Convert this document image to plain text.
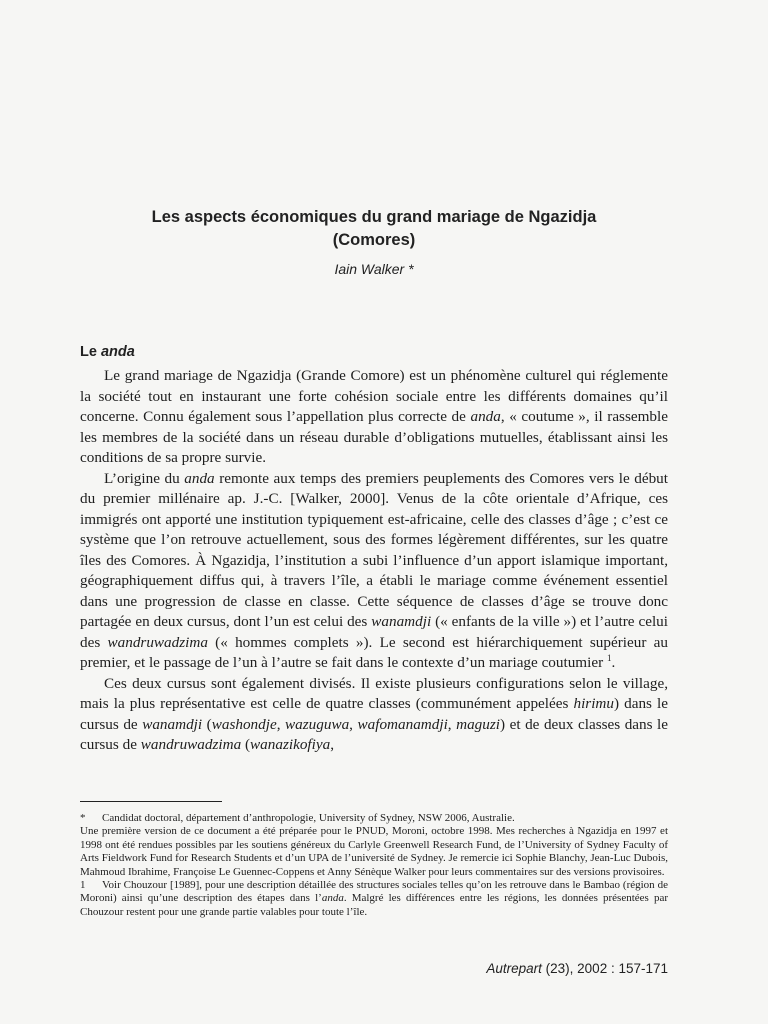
Les aspects économiques du grand mariage de Ngazidja
(Comores)
Iain Walker *
Le anda

Le grand mariage de Ngazidja (Grande Comore) est un phénomène culturel qui réglemente la société tout en instaurant une forte cohésion sociale entre les différents domaines qu’il concerne. Connu également sous l’appellation plus correcte de anda, « coutume », il rassemble les membres de la société dans un réseau durable d’obligations mutuelles, établissant ainsi les conditions de sa propre survie.

L’origine du anda remonte aux temps des premiers peuplements des Comores vers le début du premier millénaire ap. J.-C. [Walker, 2000]. Venus de la côte orientale d’Afrique, ces immigrés ont apporté une institution typiquement est-africaine, celle des classes d’âge ; c’est ce système que l’on retrouve actuellement, sous des formes légèrement différentes, sur les quatre îles des Comores. À Ngazidja, l’institution a subi l’influence d’un apport islamique important, géographiquement diffus qui, à travers l’île, a établi le mariage comme événement essentiel dans une progression de classe en classe. Cette séquence de classes d’âge se trouve donc partagée en deux cursus, dont l’un est celui des wanamdji (« enfants de la ville ») et l’autre celui des wandruwadzima (« hommes complets »). Le second est hiérarchiquement supérieur au premier, et le passage de l’un à l’autre se fait dans le contexte d’un mariage coutumier $^1$.

Ces deux cursus sont également divisés. Il existe plusieurs configurations selon le village, mais la plus représentative est celle de quatre classes (communément appelées hirimu) dans le cursus de wanamdji (washondje, wazuguwa, wafomanamdji, maguzi) et de deux classes dans le cursus de wandruwadzima (wanazikofiya,

* Candidat doctoral, département d’anthropologie, University of Sydney, NSW 2006, Australie.

Une première version de ce document a été préparée pour le PNUD, Moroni, octobre 1998. Mes recherches à Ngazidja en 1997 et 1998 ont été rendues possibles par les soutiens généreux du Carlyle Greenwell Research Fund, de l’University of Sydney Faculty of Arts Fieldwork Fund for Research Students et d’un UPA de l’université de Sydney. Je remercie ici Sophie Blanchy, Jean-Luc Dubois, Mahmoud Ibrahime, Françoise Le Guennec-Coppens et Anny Sénèque Walker pour leurs commentaires sur des versions provisoires.

1 Voir Chouzour [1989], pour une description détaillée des structures sociales telles qu’on les retrouve dans le Bambao (région de Moroni) ainsi qu’une description des étapes dans l’anda. Malgré les différences entre les régions, les données présentées par Chouzour restent pour une grande partie valables pour toute l’île.

Autrepart (23), 2002 : 157-171
